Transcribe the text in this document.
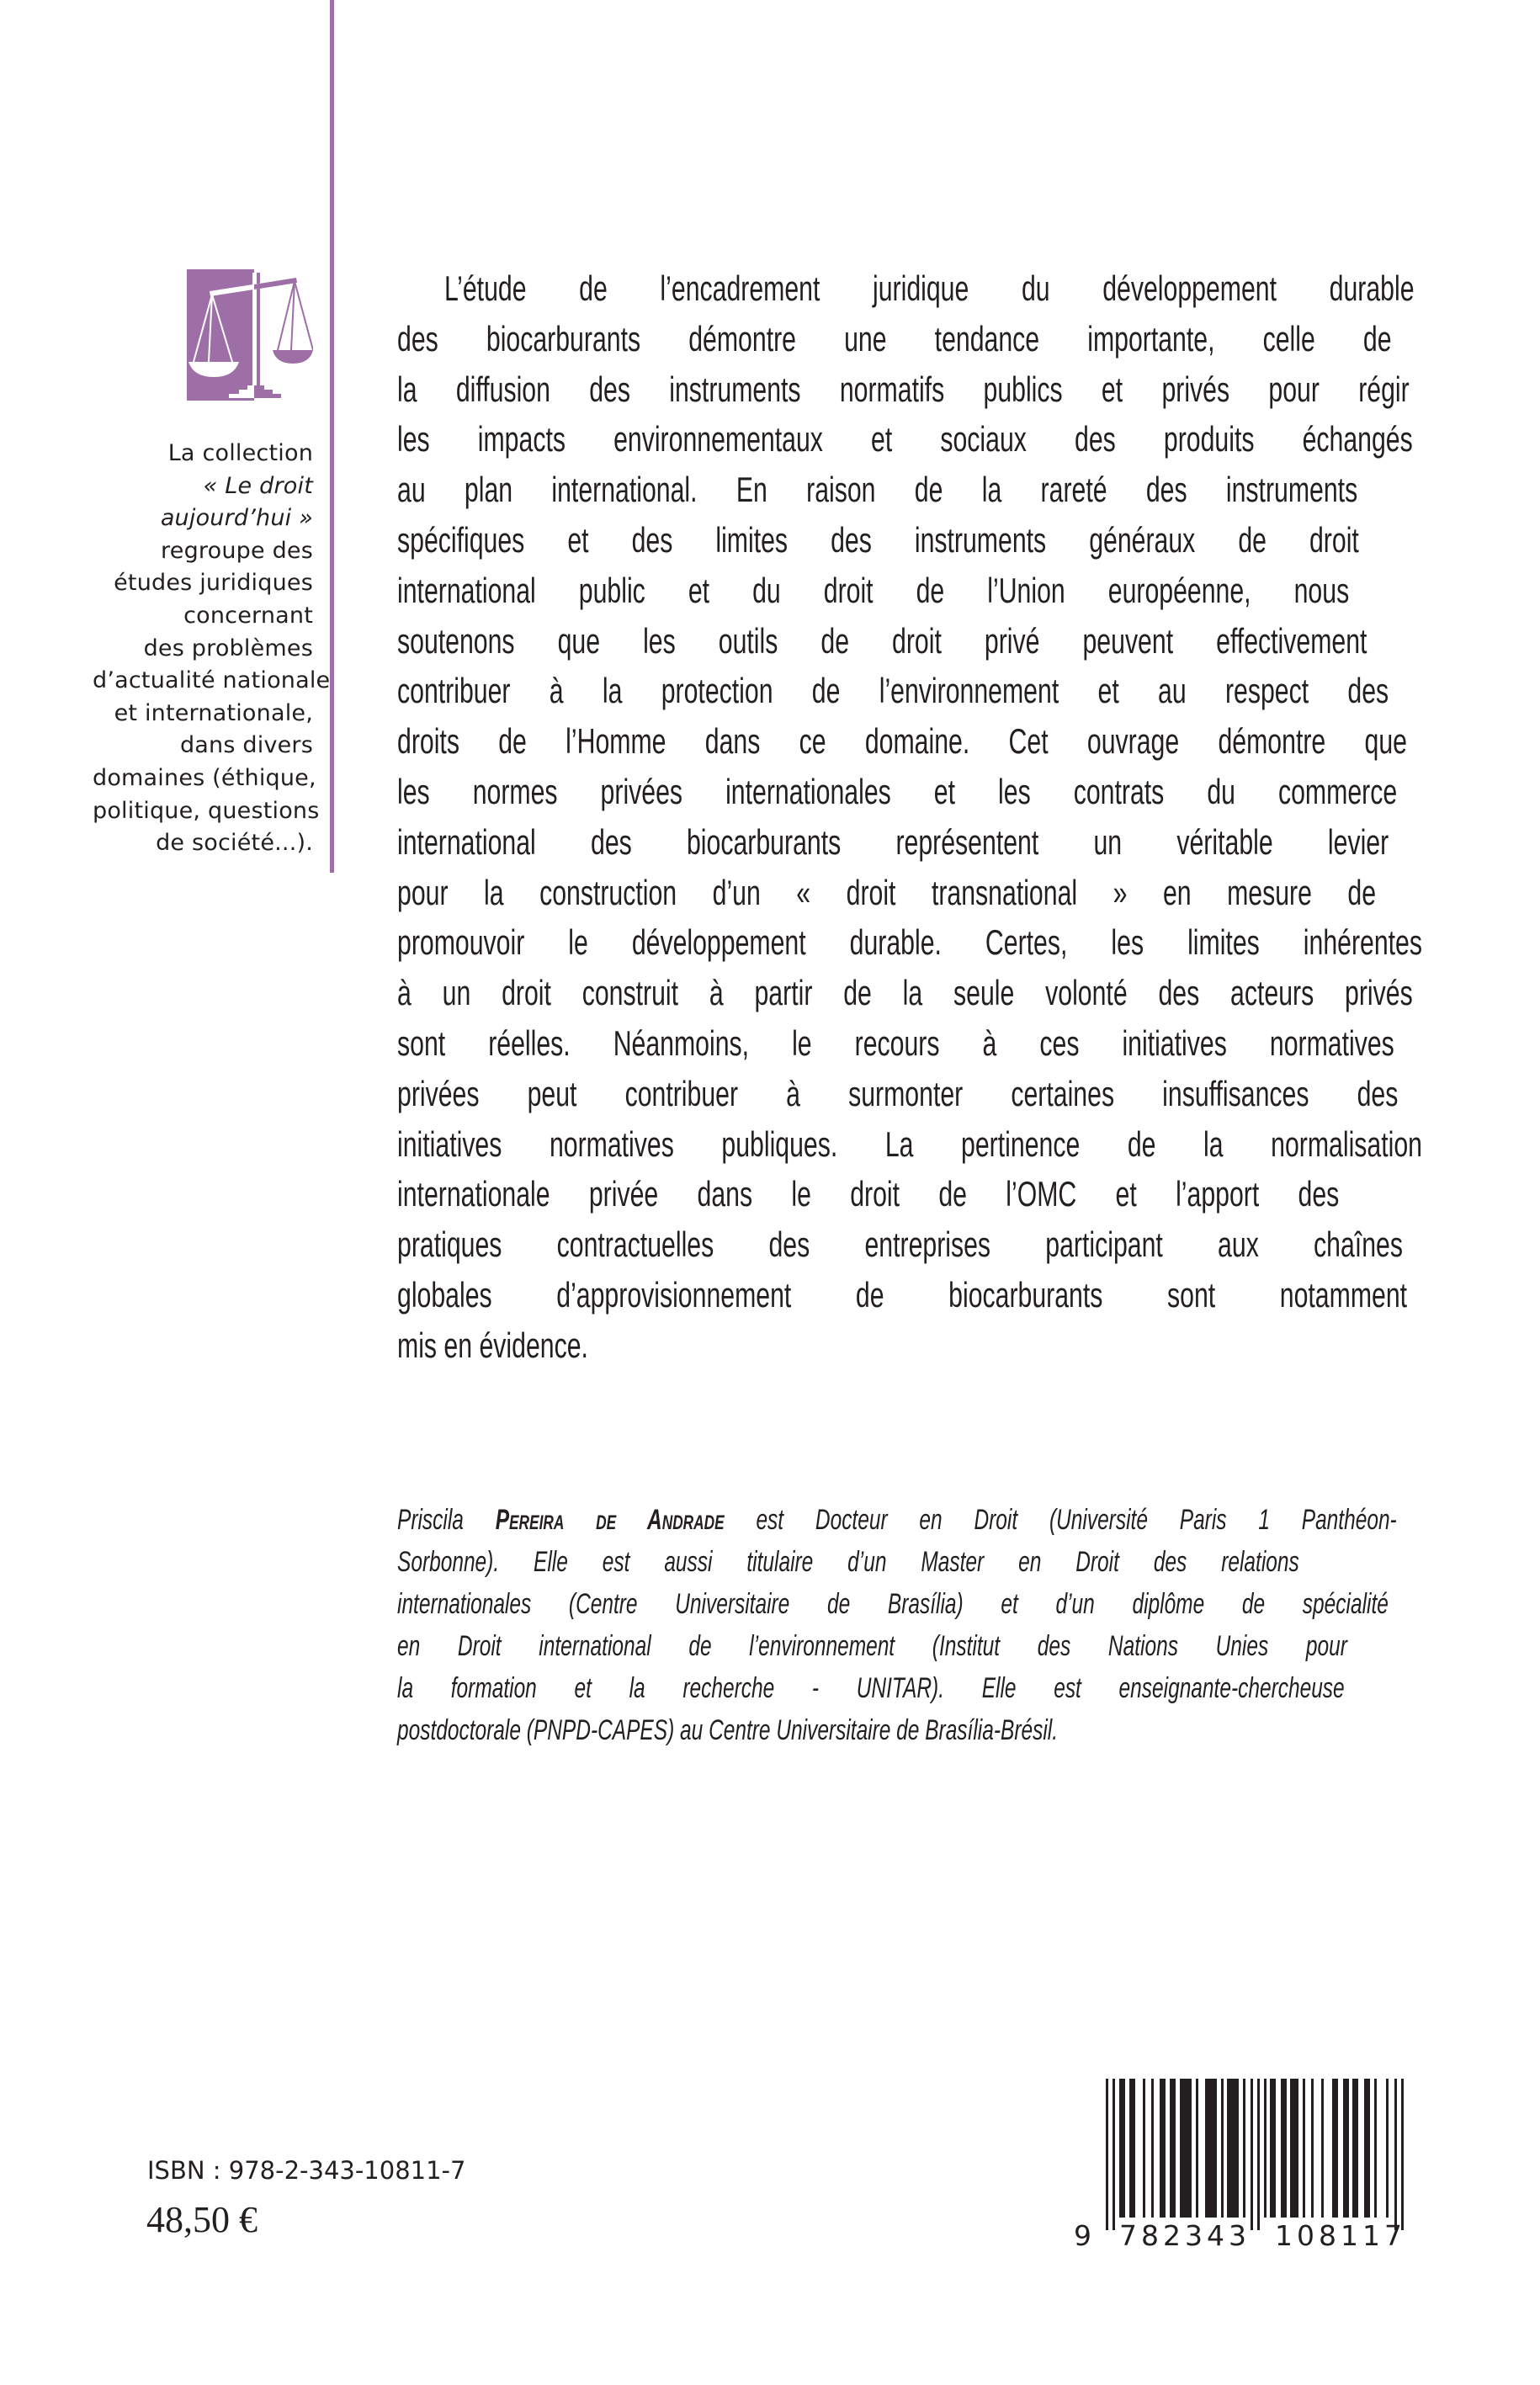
La collection
« Le droit
aujourd’hui »
regroupe des
études juridiques
concernant
des problèmes
d’actualité nationale
et internationale,
dans divers
domaines (éthique,
politique, questions
de société...).
L’étude de l’encadrement juridique du développement durable
des biocarburants démontre une tendance importante, celle de
la diffusion des instruments normatifs publics et privés pour régir
les impacts environnementaux et sociaux des produits échangés
au plan international. En raison de la rareté des instruments
spécifiques et des limites des instruments généraux de droit
international public et du droit de l’Union européenne, nous
soutenons que les outils de droit privé peuvent effectivement
contribuer à la protection de l’environnement et au respect des
droits de l’Homme dans ce domaine. Cet ouvrage démontre que
les normes privées internationales et les contrats du commerce
international des biocarburants représentent un véritable levier
pour la construction d’un « droit transnational » en mesure de
promouvoir le développement durable. Certes, les limites inhérentes
à un droit construit à partir de la seule volonté des acteurs privés
sont réelles. Néanmoins, le recours à ces initiatives normatives
privées peut contribuer à surmonter certaines insuffisances des
initiatives normatives publiques. La pertinence de la normalisation
internationale privée dans le droit de l’OMC et l’apport des
pratiques contractuelles des entreprises participant aux chaînes
globales d’approvisionnement de biocarburants sont notamment
mis en évidence.
Priscila Pereira de Andrade est Docteur en Droit (Université Paris 1 Panthéon-
Sorbonne). Elle est aussi titulaire d’un Master en Droit des relations
internationales (Centre Universitaire de Brasília) et d’un diplôme de spécialité
en Droit international de l’environnement (Institut des Nations Unies pour
la formation et la recherche - UNITAR). Elle est enseignante-chercheuse
postdoctorale (PNPD-CAPES) au Centre Universitaire de Brasília-Brésil.
ISBN : 978-2-343-10811-7
48,50 €	9 782343 108117
